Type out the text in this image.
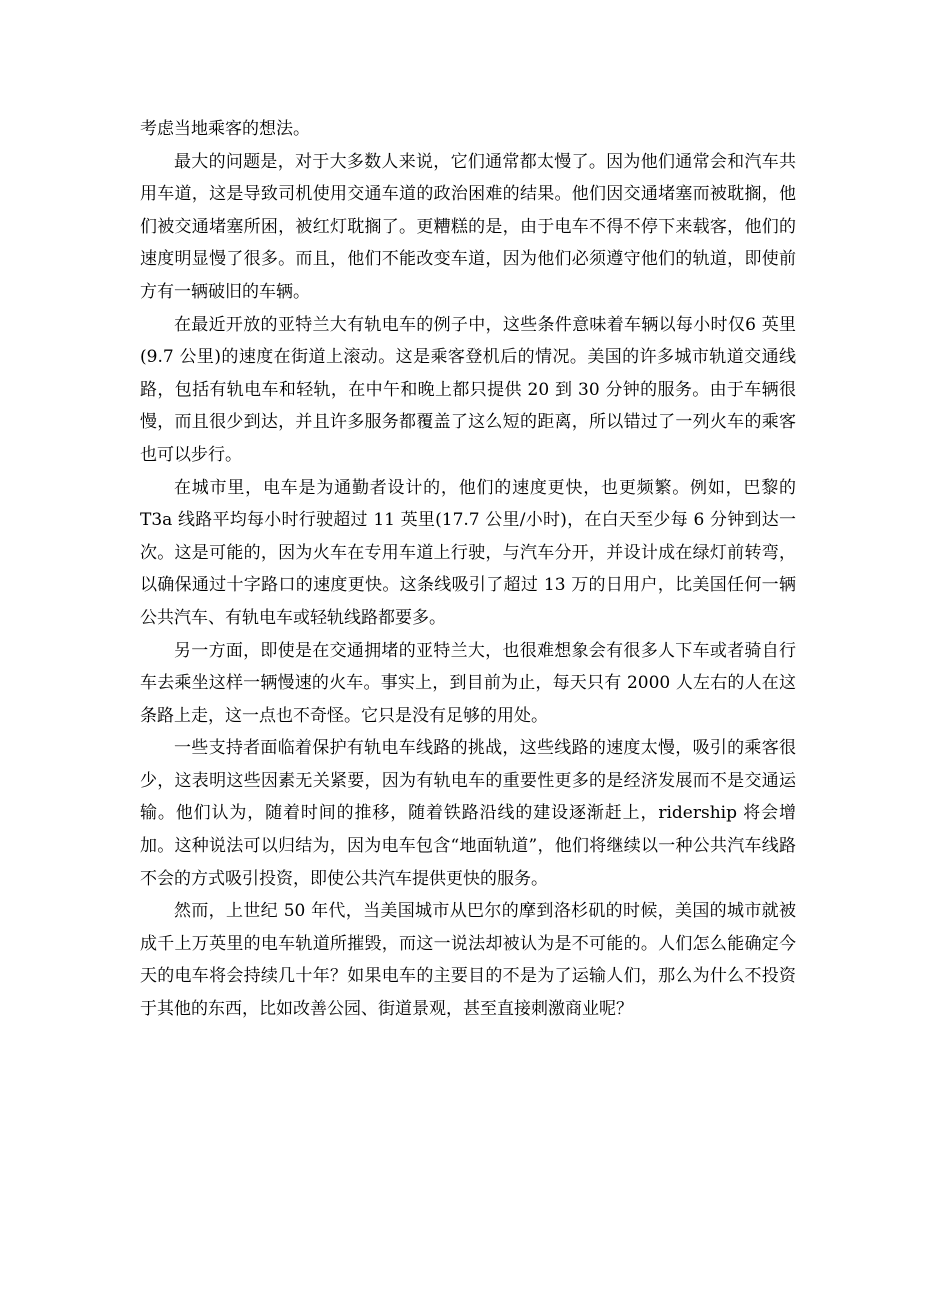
考虑当地乘客的想法。

最大的问题是，对于大多数人来说，它们通常都太慢了。因为他们通常会和汽车共用车道，这是导致司机使用交通车道的政治困难的结果。他们因交通堵塞而被耽搁，他们被交通堵塞所困，被红灯耽搁了。更糟糕的是，由于电车不得不停下来载客，他们的速度明显慢了很多。而且，他们不能改变车道，因为他们必须遵守他们的轨道，即使前方有一辆破旧的车辆。

在最近开放的亚特兰大有轨电车的例子中，这些条件意味着车辆以每小时仅6 英里(9.7 公里)的速度在街道上滚动。这是乘客登机后的情况。美国的许多城市轨道交通线路，包括有轨电车和轻轨，在中午和晚上都只提供 20 到 30 分钟的服务。由于车辆很慢，而且很少到达，并且许多服务都覆盖了这么短的距离，所以错过了一列火车的乘客也可以步行。

在城市里，电车是为通勤者设计的，他们的速度更快，也更频繁。例如，巴黎的 T3a 线路平均每小时行驶超过 11 英里(17.7 公里/小时)，在白天至少每 6 分钟到达一次。这是可能的，因为火车在专用车道上行驶，与汽车分开，并设计成在绿灯前转弯，以确保通过十字路口的速度更快。这条线吸引了超过 13 万的日用户，比美国任何一辆公共汽车、有轨电车或轻轨线路都要多。

另一方面，即使是在交通拥堵的亚特兰大，也很难想象会有很多人下车或者骑自行车去乘坐这样一辆慢速的火车。事实上，到目前为止，每天只有 2000 人左右的人在这条路上走，这一点也不奇怪。它只是没有足够的用处。

一些支持者面临着保护有轨电车线路的挑战，这些线路的速度太慢，吸引的乘客很少，这表明这些因素无关紧要，因为有轨电车的重要性更多的是经济发展而不是交通运输。他们认为，随着时间的推移，随着铁路沿线的建设逐渐赶上，ridership 将会增加。这种说法可以归结为，因为电车包含“地面轨道”，他们将继续以一种公共汽车线路不会的方式吸引投资，即使公共汽车提供更快的服务。

然而，上世纪 50 年代，当美国城市从巴尔的摩到洛杉矶的时候，美国的城市就被成千上万英里的电车轨道所摧毁，而这一说法却被认为是不可能的。人们怎么能确定今天的电车将会持续几十年？如果电车的主要目的不是为了运输人们，那么为什么不投资于其他的东西，比如改善公园、街道景观，甚至直接刺激商业呢？
